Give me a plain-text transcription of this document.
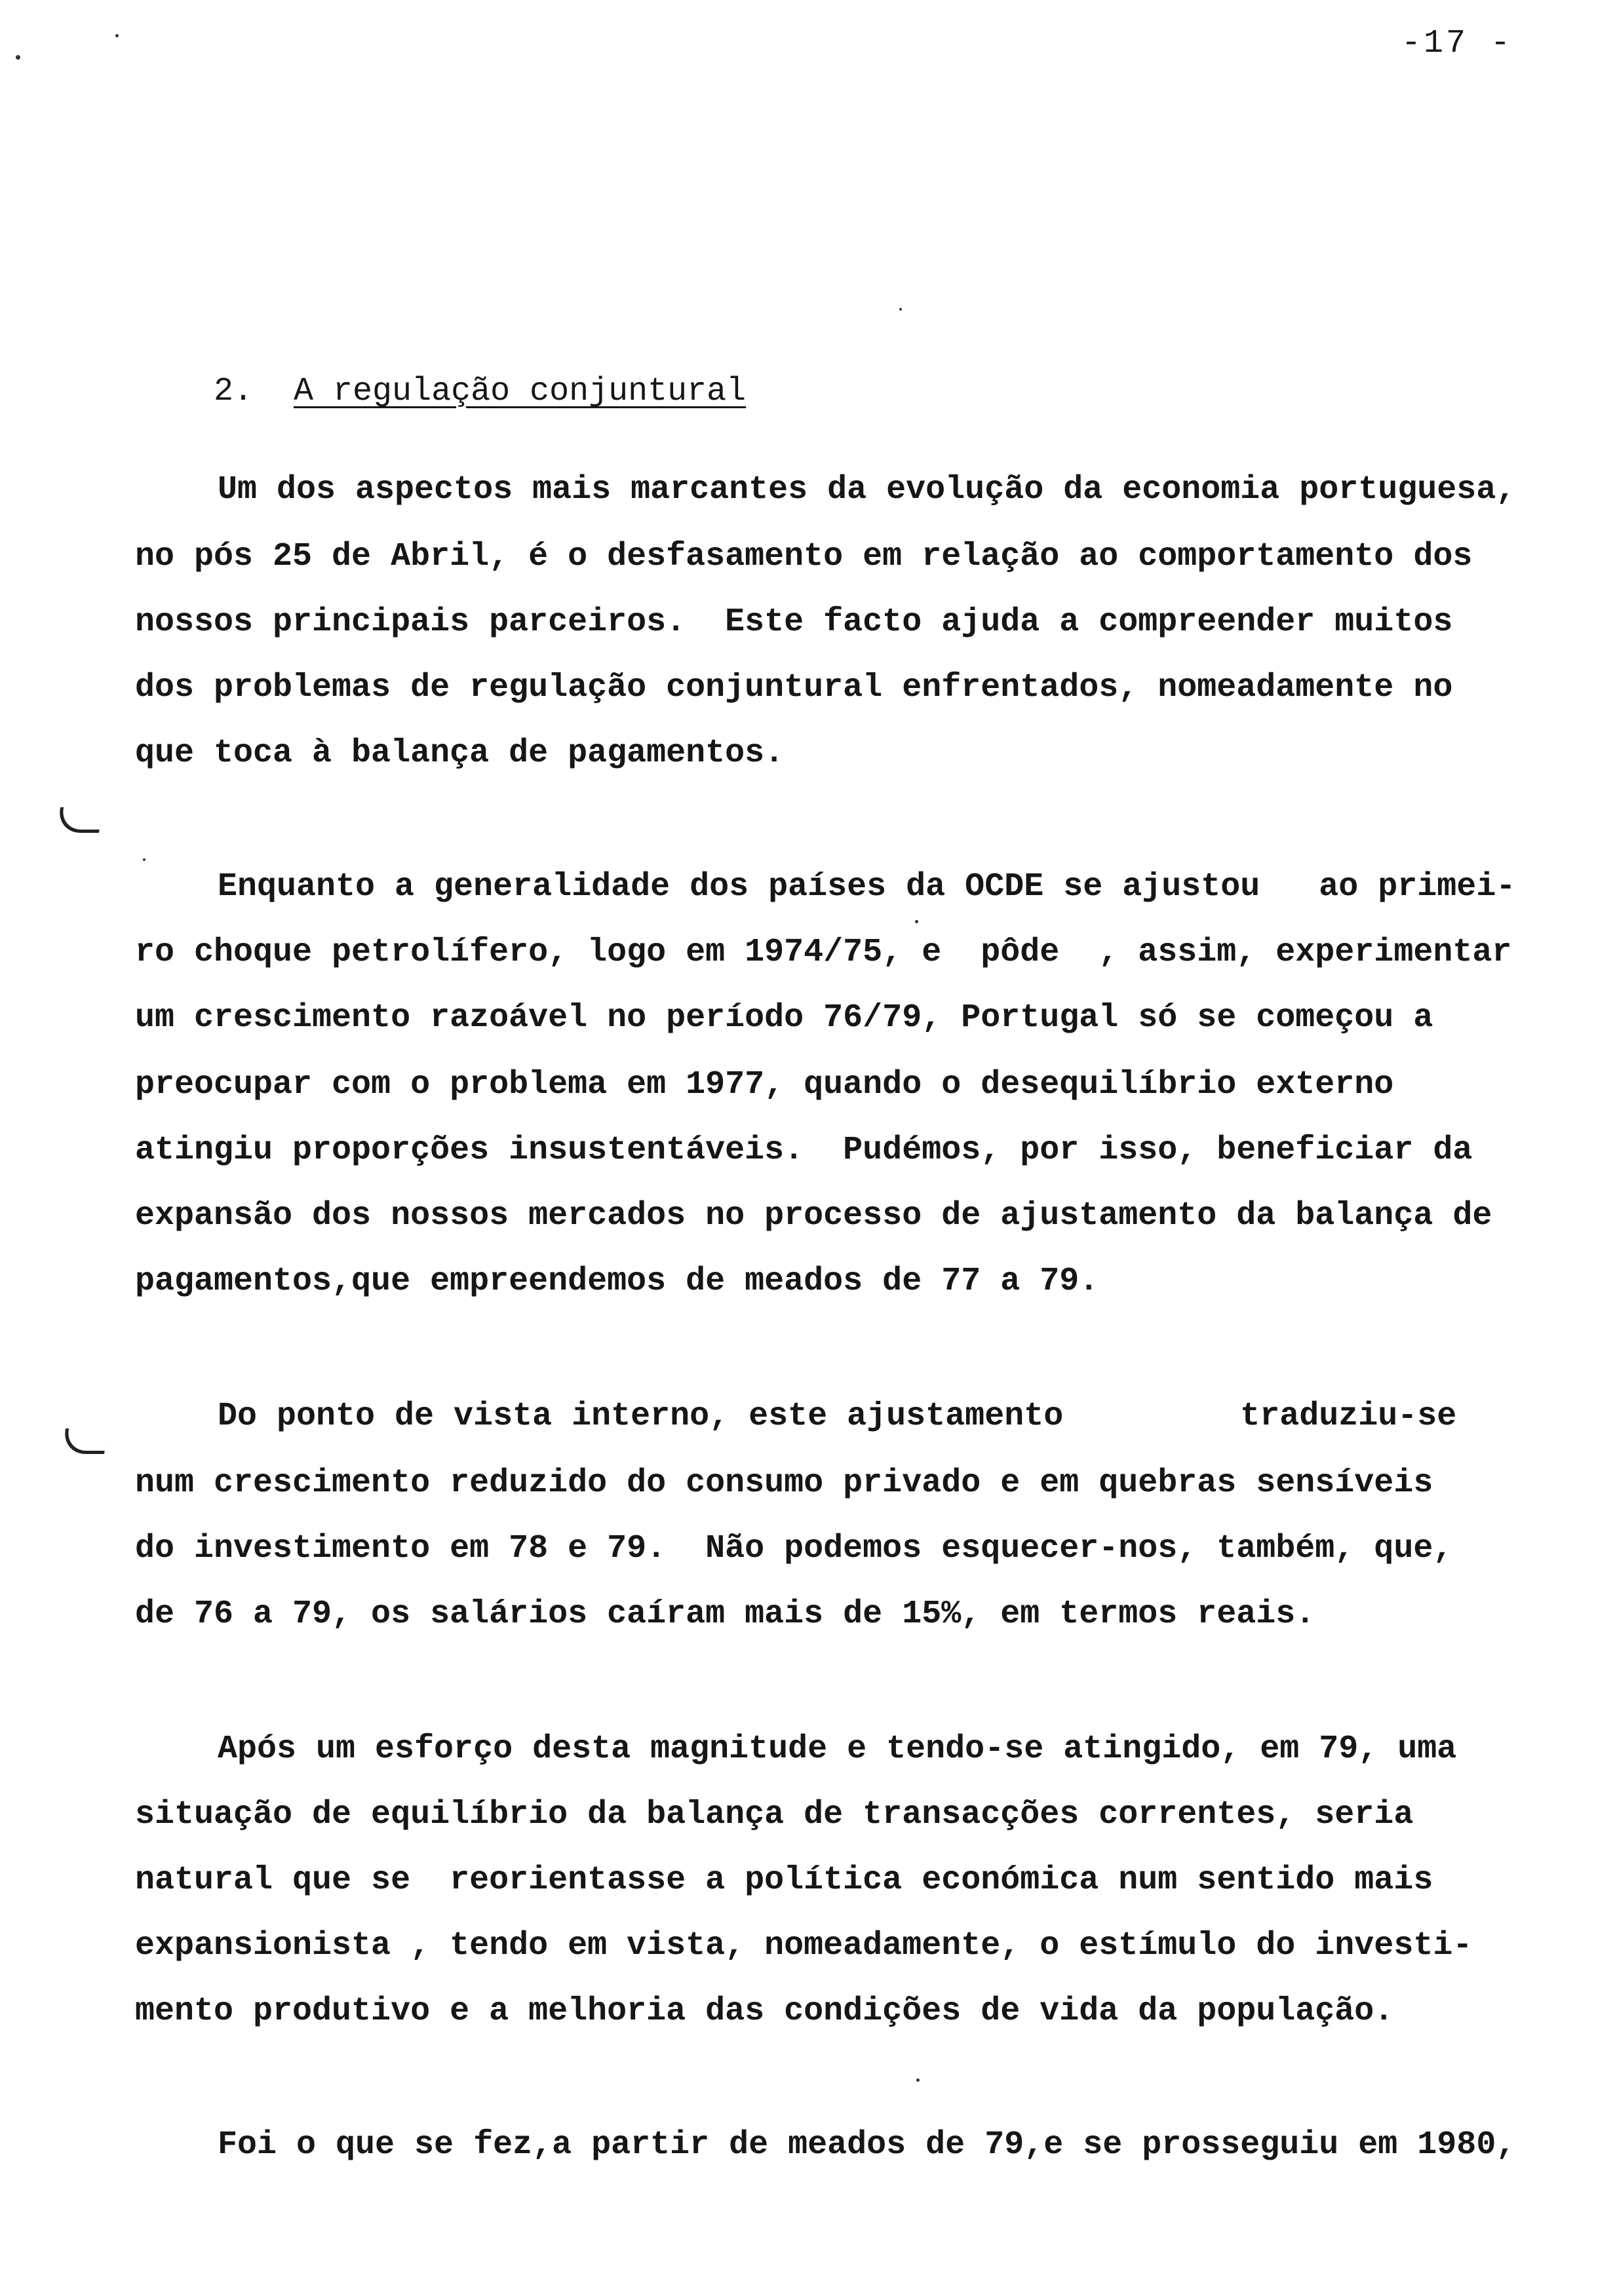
-17 -

2. A regulação conjuntural

Um dos aspectos mais marcantes da evolução da economia portuguesa,
no pós 25 de Abril, é o desfasamento em relação ao comportamento dos
nossos principais parceiros.  Este facto ajuda a compreender muitos
dos problemas de regulação conjuntural enfrentados, nomeadamente no
que toca à balança de pagamentos.
Enquanto a generalidade dos países da OCDE se ajustou   ao primei-
ro choque petrolífero, logo em 1974/75, e  pôde  , assim, experimentar
um crescimento razoável no período 76/79, Portugal só se começou a
preocupar com o problema em 1977, quando o desequilíbrio externo
atingiu proporções insustentáveis.  Pudémos, por isso, beneficiar da
expansão dos nossos mercados no processo de ajustamento da balança de
pagamentos,que empreendemos de meados de 77 a 79.
Do ponto de vista interno, este ajustamento         traduziu-se
num crescimento reduzido do consumo privado e em quebras sensíveis
do investimento em 78 e 79.  Não podemos esquecer-nos, também, que,
de 76 a 79, os salários caíram mais de 15%, em termos reais.
Após um esforço desta magnitude e tendo-se atingido, em 79, uma
situação de equilíbrio da balança de transacções correntes, seria
natural que se  reorientasse a política económica num sentido mais
expansionista , tendo em vista, nomeadamente, o estímulo do investi-
mento produtivo e a melhoria das condições de vida da população.
Foi o que se fez,a partir de meados de 79,e se prosseguiu em 1980,
